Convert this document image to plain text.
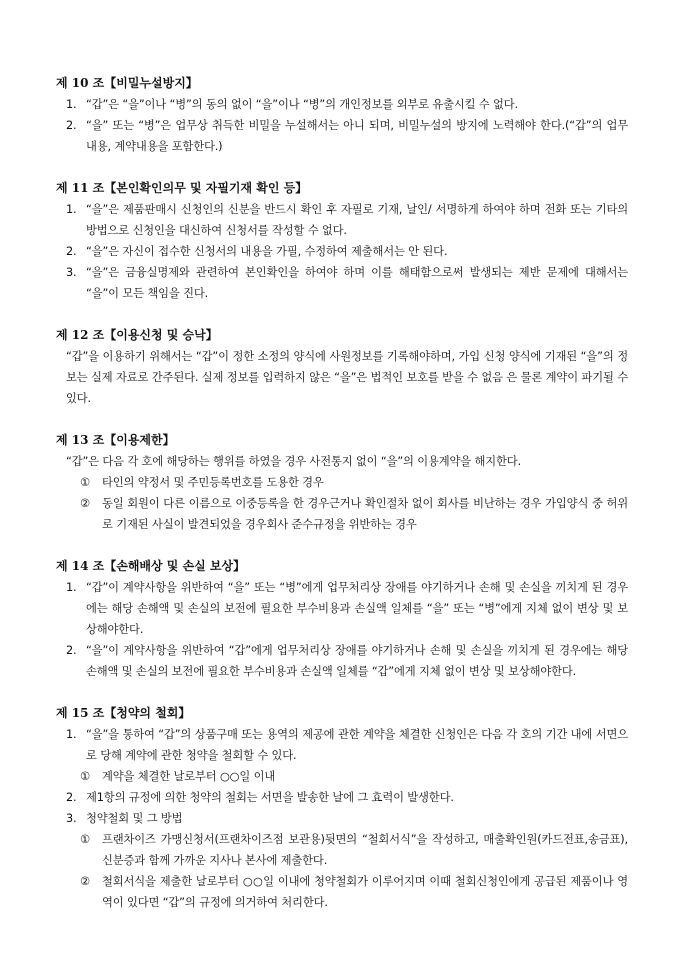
제 10 조【비밀누설방지】

1. “갑”은 “을”이나 “병”의 동의 없이 “을”이나 “병”의 개인정보를 외부로 유출시킬 수 없다.

2. “을” 또는 “병”은 업무상 취득한 비밀을 누설해서는 아니 되며, 비밀누설의 방지에 노력해야 한다.(“갑”의 업무내용, 계약내용을 포함한다.)

제 11 조【본인확인의무 및 자필기재 확인 등】

1. “을”은 제품판매시 신청인의 신분을 반드시 확인 후 자필로 기재, 날인/ 서명하게 하여야 하며 전화 또는 기타의 방법으로 신청인을 대신하여 신청서를 작성할 수 없다.

2. “을”은 자신이 접수한 신청서의 내용을 가필, 수정하여 제출해서는 안 된다.

3. “을”은 금융실명제와 관련하여 본인확인을 하여야 하며 이를 해태함으로써 발생되는 제반 문제에 대해서는 “을”이 모든 책임을 진다.

제 12 조【이용신청 및 승낙】

“갑”을 이용하기 위해서는 “갑”이 정한 소정의 양식에 사원정보를 기록해야하며, 가입 신청 양식에 기재된 “을”의 정보는 실제 자료로 간주된다. 실제 정보를 입력하지 않은 “을”은 법적인 보호를 받을 수 없음 은 물론 계약이 파기될 수 있다.

제 13 조【이용제한】

“갑”은 다음 각 호에 해당하는 행위를 하였을 경우 사전통지 없이 “을”의 이용계약을 해지한다.

① 타인의 약정서 및 주민등록번호를 도용한 경우

② 동일 회원이 다른 이름으로 이중등록을 한 경우근거나 확인절차 없이 회사를 비난하는 경우 가입양식 중 허위로 기재된 사실이 발견되었을 경우회사 준수규정을 위반하는 경우

제 14 조【손해배상 및 손실 보상】

1. “갑”이 계약사항을 위반하여 “을” 또는 “병”에게 업무처리상 장애를 야기하거나 손해 및 손실을 끼치게 된 경우에는 해당 손해액 및 손실의 보전에 필요한 부수비용과 손실액 일체를 “을” 또는 “병”에게 지체 없이 변상 및 보상해야한다.

2. “을”이 계약사항을 위반하여 “갑”에게 업무처리상 장애를 야기하거나 손해 및 손실을 끼치게 된 경우에는 해당 손해액 및 손실의 보전에 필요한 부수비용과 손실액 일체를 “갑”에게 지체 없이 변상 및 보상해야한다.

제 15 조【청약의 철회】

1. “을”을 통하여 “갑”의 상품구매 또는 용역의 제공에 관한 계약을 체결한 신청인은 다음 각 호의 기간 내에 서면으로 당해 계약에 관한 청약을 철회할 수 있다.

① 계약을 체결한 날로부터 ○○일 이내

2. 제1항의 규정에 의한 청약의 철회는 서면을 발송한 날에 그 효력이 발생한다.

3. 청약철회 및 그 방법

① 프랜차이즈 가맹신청서(프랜차이즈점 보관용)뒷면의 “철회서식”을 작성하고, 매출확인원(카드전표,송금표), 신분증과 함께 가까운 지사나 본사에 제출한다.

② 철회서식을 제출한 날로부터 ○○일 이내에 청약철회가 이루어지며 이때 철회신청인에게 공급된 제품이나 영역이 있다면 “갑”의 규정에 의거하여 처리한다.
